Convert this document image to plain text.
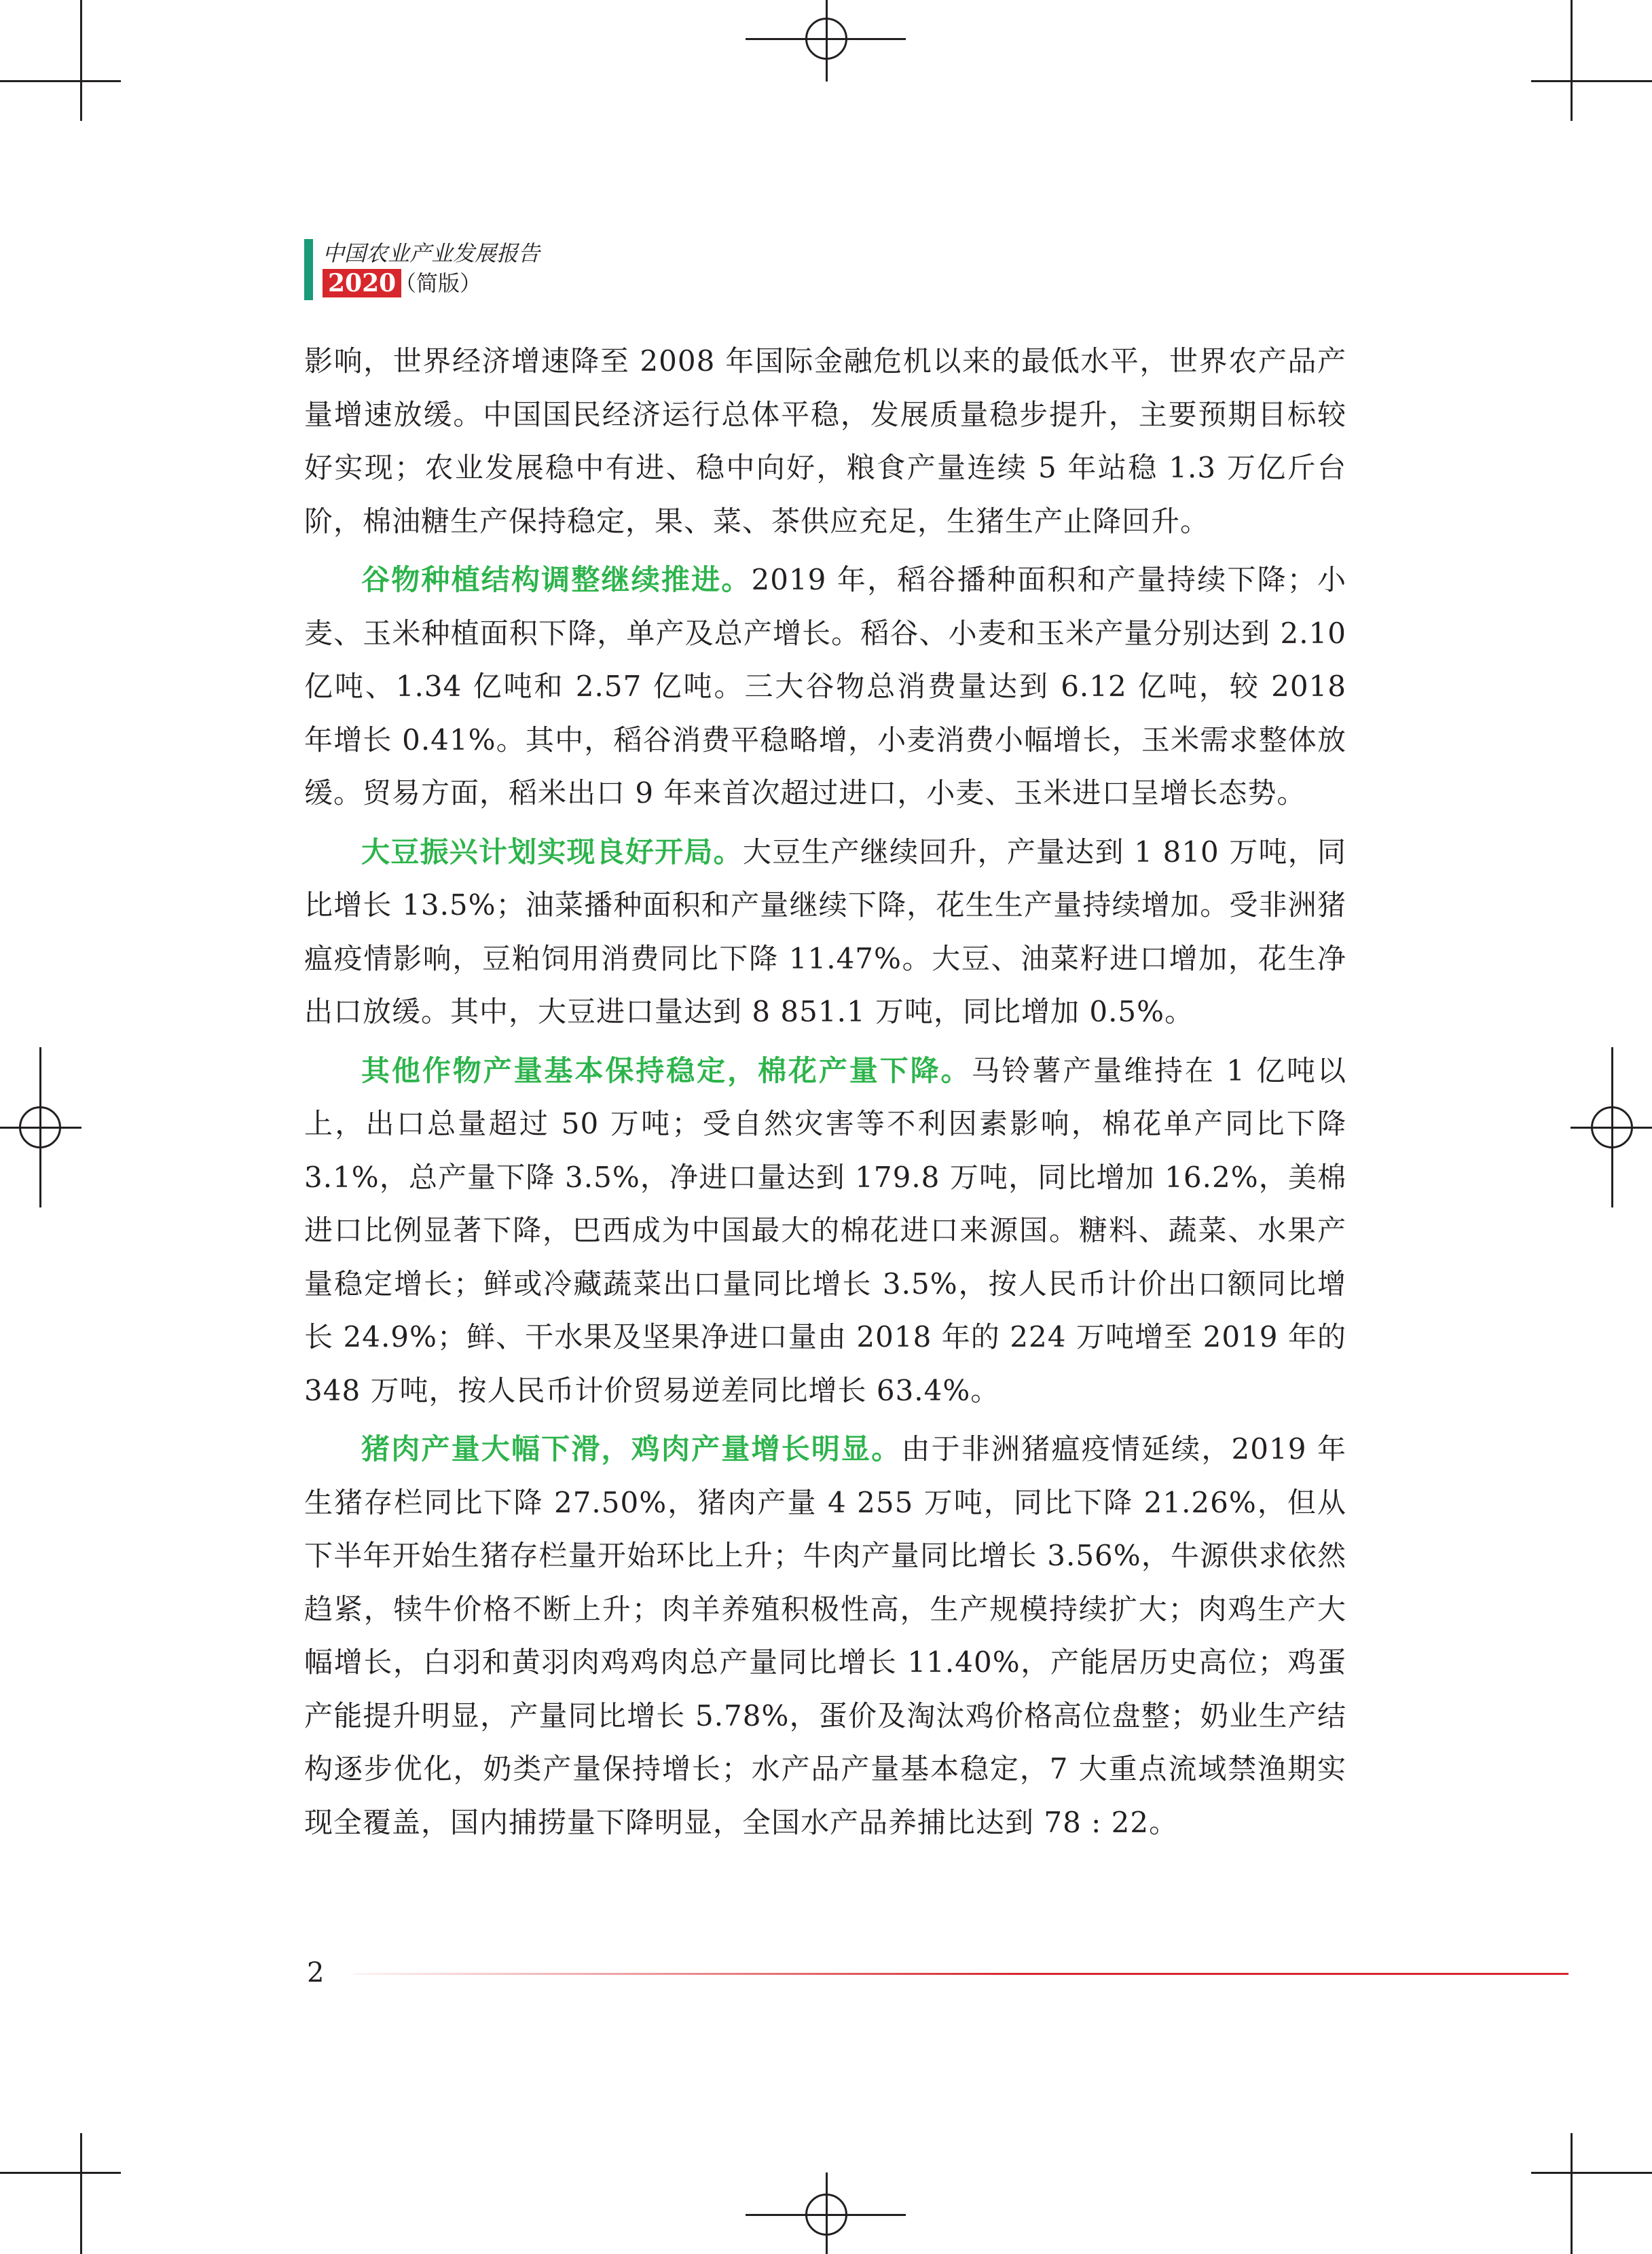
中国农业产业发展报告
2020
（简版）

影响，世界经济增速降至 2008 年国际金融危机以来的最低水平，世界农产品产量增速放缓。中国国民经济运行总体平稳，发展质量稳步提升，主要预期目标较好实现；农业发展稳中有进、稳中向好，粮食产量连续 5 年站稳 1.3 万亿斤台阶，棉油糖生产保持稳定，果、菜、茶供应充足，生猪生产止降回升。

谷物种植结构调整继续推进。2019 年，稻谷播种面积和产量持续下降；小麦、玉米种植面积下降，单产及总产增长。稻谷、小麦和玉米产量分别达到 2.10 亿吨、1.34 亿吨和 2.57 亿吨。三大谷物总消费量达到 6.12 亿吨，较 2018 年增长 0.41%。其中，稻谷消费平稳略增，小麦消费小幅增长，玉米需求整体放缓。贸易方面，稻米出口 9 年来首次超过进口，小麦、玉米进口呈增长态势。

大豆振兴计划实现良好开局。大豆生产继续回升，产量达到 1 810 万吨，同比增长 13.5%；油菜播种面积和产量继续下降，花生生产量持续增加。受非洲猪瘟疫情影响，豆粕饲用消费同比下降 11.47%。大豆、油菜籽进口增加，花生净出口放缓。其中，大豆进口量达到 8 851.1 万吨，同比增加 0.5%。

其他作物产量基本保持稳定，棉花产量下降。马铃薯产量维持在 1 亿吨以上，出口总量超过 50 万吨；受自然灾害等不利因素影响，棉花单产同比下降 3.1%，总产量下降 3.5%，净进口量达到 179.8 万吨，同比增加 16.2%，美棉进口比例显著下降，巴西成为中国最大的棉花进口来源国。糖料、蔬菜、水果产量稳定增长；鲜或冷藏蔬菜出口量同比增长 3.5%，按人民币计价出口额同比增长 24.9%；鲜、干水果及坚果净进口量由 2018 年的 224 万吨增至 2019 年的 348 万吨，按人民币计价贸易逆差同比增长 63.4%。

猪肉产量大幅下滑，鸡肉产量增长明显。由于非洲猪瘟疫情延续，2019 年生猪存栏同比下降 27.50%，猪肉产量 4 255 万吨，同比下降 21.26%，但从下半年开始生猪存栏量开始环比上升；牛肉产量同比增长 3.56%，牛源供求依然趋紧，犊牛价格不断上升；肉羊养殖积极性高，生产规模持续扩大；肉鸡生产大幅增长，白羽和黄羽肉鸡鸡肉总产量同比增长 11.40%，产能居历史高位；鸡蛋产能提升明显，产量同比增长 5.78%，蛋价及淘汰鸡价格高位盘整；奶业生产结构逐步优化，奶类产量保持增长；水产品产量基本稳定，7 大重点流域禁渔期实现全覆盖，国内捕捞量下降明显，全国水产品养捕比达到 78 : 22。

2
